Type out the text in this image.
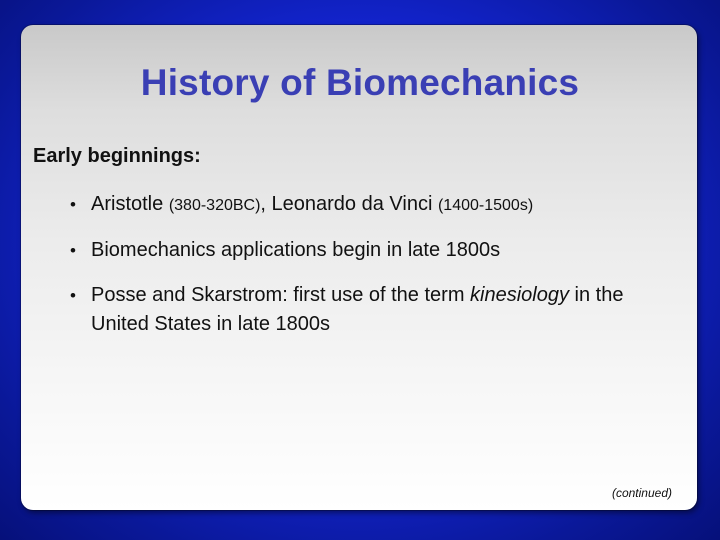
History of Biomechanics
Early beginnings:
• Aristotle (380-320BC), Leonardo da Vinci (1400-1500s)
• Biomechanics applications begin in late 1800s
• Posse and Skarstrom: first use of the term kinesiology in the United States in late 1800s
(continued)
